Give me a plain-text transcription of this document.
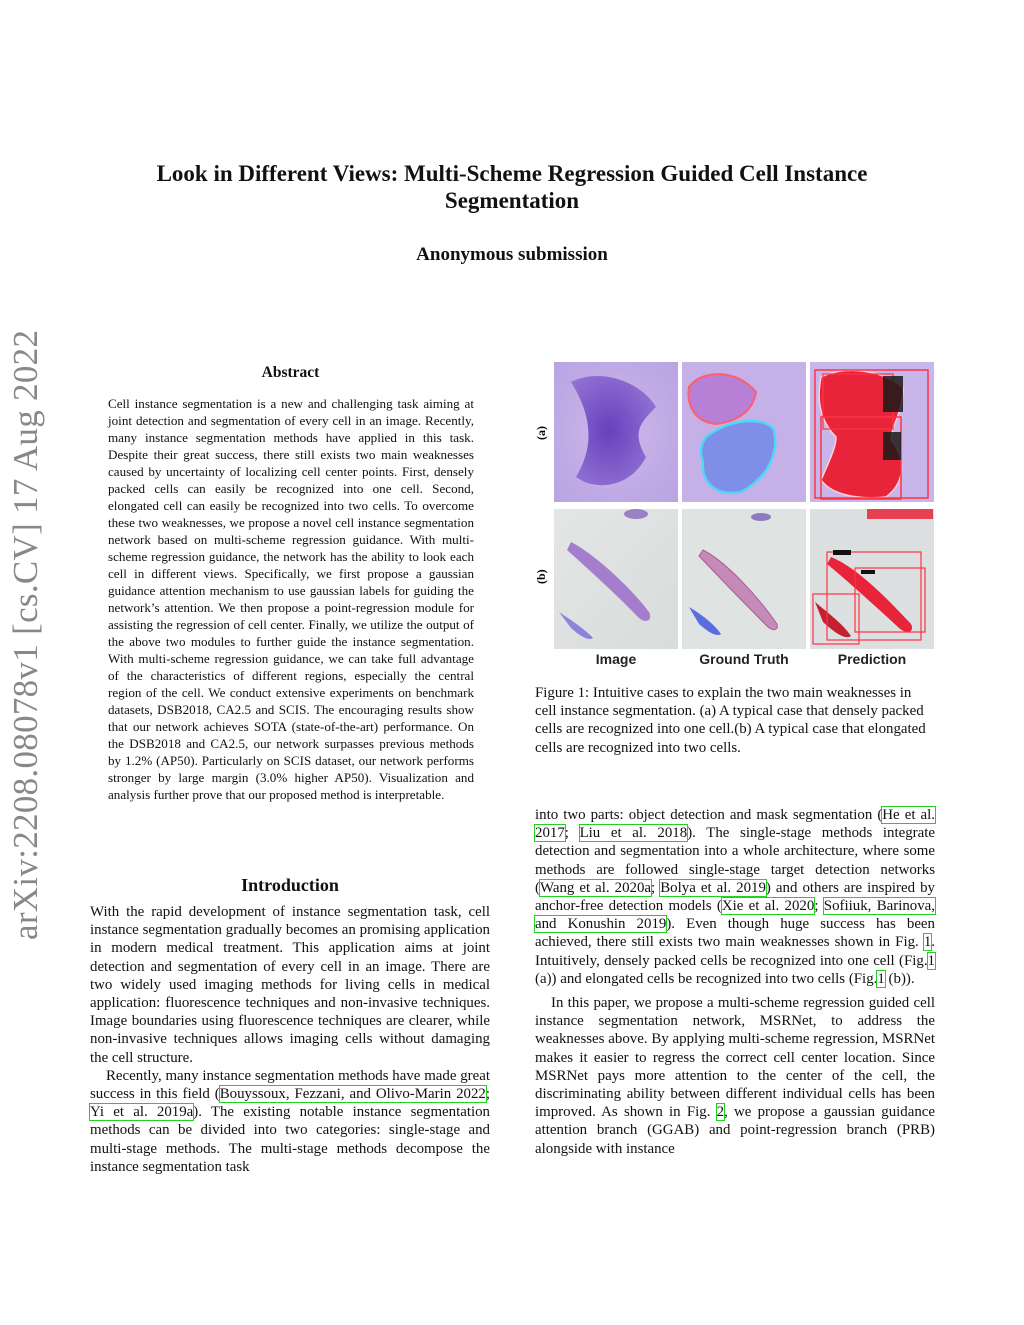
Look in Different Views: Multi-Scheme Regression Guided Cell Instance
Segmentation
Anonymous submission
arXiv:2208.08078v1 [cs.CV] 17 Aug 2022	Abstract
Cell instance segmentation is a new and challenging task aiming at joint detection and segmentation of every cell in an image. Recently, many instance segmentation methods have applied in this task. Despite their great success, there still exists two main weaknesses caused by uncertainty of localizing cell center points. First, densely packed cells can easily be recognized into one cell. Second, elongated cell can easily be recognized into two cells. To overcome these two weaknesses, we propose a novel cell instance segmentation network based on multi-scheme regression guidance. With multi-scheme regression guidance, the network has the ability to look each cell in different views. Specifically, we first propose a gaussian guidance attention mechanism to use gaussian labels for guiding the network’s attention. We then propose a point-regression module for assisting the regression of cell center. Finally, we utilize the output of the above two modules to further guide the instance segmentation. With multi-scheme regression guidance, we can take full advantage of the characteristics of different regions, especially the central region of the cell. We conduct extensive experiments on benchmark datasets, DSB2018, CA2.5 and SCIS. The encouraging results show that our network achieves SOTA (state-of-the-art) performance. On the DSB2018 and CA2.5, our network surpasses previous methods by 1.2% (AP50). Particularly on SCIS dataset, our network performs stronger by large margin (3.0% higher AP50). Visualization and analysis further prove that our proposed method is interpretable.
Introduction

With the rapid development of instance segmentation task, cell instance segmentation gradually becomes an promising application in modern medical treatment. This application aims at joint detection and segmentation of every cell in an image. There are two widely used imaging methods for living cells in medical application: fluorescence techniques and non-invasive techniques. Image boundaries using fluorescence techniques are clearer, while non-invasive techniques allows imaging cells without damaging the cell structure.

Recently, many instance segmentation methods have made great success in this field (Bouyssoux, Fezzani, and Olivo-Marin 2022; Yi et al. 2019a). The existing notable instance segmentation methods can be divided into two categories: single-stage and multi-stage methods. The multi-stage methods decompose the instance segmentation task

(a)
(b)
Image	Ground Truth	Prediction
Figure 1: Intuitive cases to explain the two main weaknesses in cell instance segmentation. (a) A typical case that densely packed cells are recognized into one cell.(b) A typical case that elongated cells are recognized into two cells.

into two parts: object detection and mask segmentation (He et al. 2017; Liu et al. 2018). The single-stage methods integrate detection and segmentation into a whole architecture, where some methods are followed single-stage target detection networks (Wang et al. 2020a; Bolya et al. 2019) and others are inspired by anchor-free detection models (Xie et al. 2020; Sofiiuk, Barinova, and Konushin 2019). Even though huge success has been achieved, there still exists two main weaknesses shown in Fig. 1. Intuitively, densely packed cells be recognized into one cell (Fig.1 (a)) and elongated cells be recognized into two cells (Fig.1 (b)).

In this paper, we propose a multi-scheme regression guided cell instance segmentation network, MSRNet, to address the weaknesses above. By applying multi-scheme regression, MSRNet makes it easier to regress the correct cell center location. Since MSRNet pays more attention to the center of the cell, the discriminating ability between different individual cells has been improved. As shown in Fig. 2, we propose a gaussian guidance attention branch (GGAB) and point-regression branch (PRB) alongside with instance
